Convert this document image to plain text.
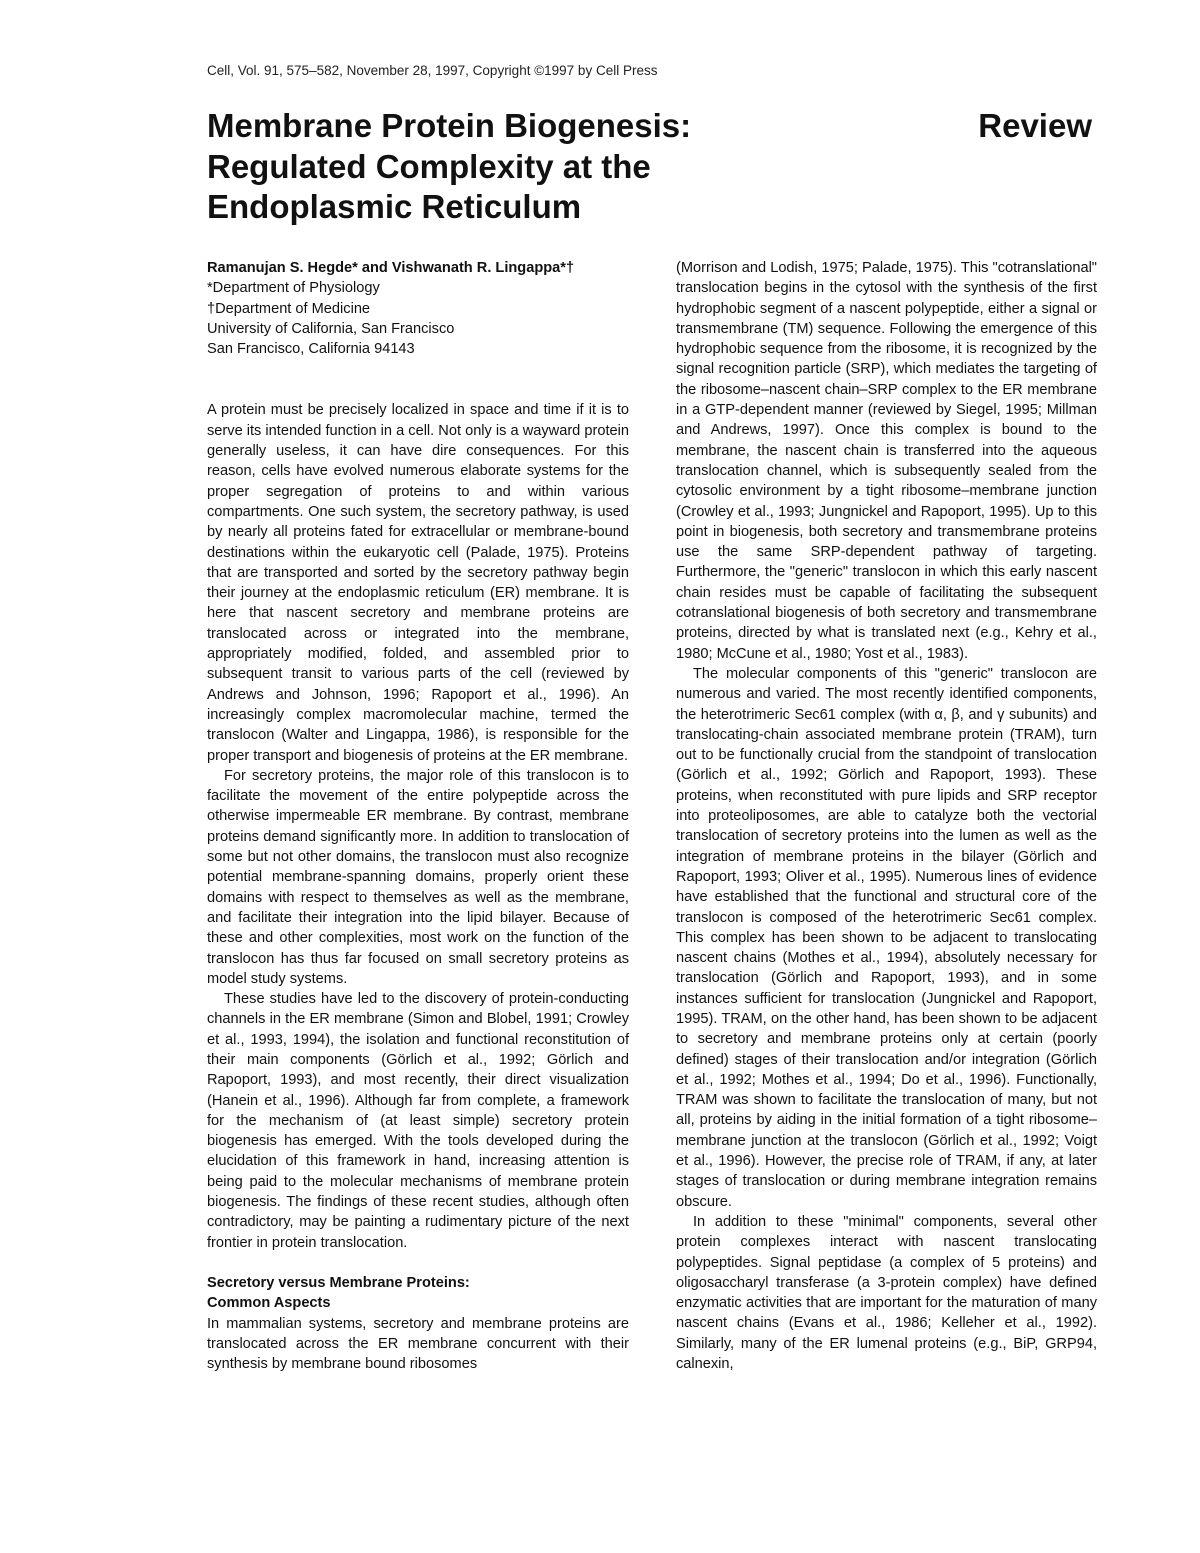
Cell, Vol. 91, 575–582, November 28, 1997, Copyright ©1997 by Cell Press
Membrane Protein Biogenesis:
Regulated Complexity at the
Endoplasmic Reticulum
Review
Ramanujan S. Hegde* and Vishwanath R. Lingappa*†
*Department of Physiology
†Department of Medicine
University of California, San Francisco
San Francisco, California 94143

A protein must be precisely localized in space and time if it is to serve its intended function in a cell. Not only is a wayward protein generally useless, it can have dire consequences. For this reason, cells have evolved numerous elaborate systems for the proper segregation of proteins to and within various compartments. One such system, the secretory pathway, is used by nearly all proteins fated for extracellular or membrane-bound destinations within the eukaryotic cell (Palade, 1975). Proteins that are transported and sorted by the secretory pathway begin their journey at the endoplasmic reticulum (ER) membrane. It is here that nascent secretory and membrane proteins are translocated across or integrated into the membrane, appropriately modified, folded, and assembled prior to subsequent transit to various parts of the cell (reviewed by Andrews and Johnson, 1996; Rapoport et al., 1996). An increasingly complex macromolecular machine, termed the translocon (Walter and Lingappa, 1986), is responsible for the proper transport and biogenesis of proteins at the ER membrane.

For secretory proteins, the major role of this translocon is to facilitate the movement of the entire polypeptide across the otherwise impermeable ER membrane. By contrast, membrane proteins demand significantly more. In addition to translocation of some but not other domains, the translocon must also recognize potential membrane-spanning domains, properly orient these domains with respect to themselves as well as the membrane, and facilitate their integration into the lipid bilayer. Because of these and other complexities, most work on the function of the translocon has thus far focused on small secretory proteins as model study systems.

These studies have led to the discovery of protein-conducting channels in the ER membrane (Simon and Blobel, 1991; Crowley et al., 1993, 1994), the isolation and functional reconstitution of their main components (Görlich et al., 1992; Görlich and Rapoport, 1993), and most recently, their direct visualization (Hanein et al., 1996). Although far from complete, a framework for the mechanism of (at least simple) secretory protein biogenesis has emerged. With the tools developed during the elucidation of this framework in hand, increasing attention is being paid to the molecular mechanisms of membrane protein biogenesis. The findings of these recent studies, although often contradictory, may be painting a rudimentary picture of the next frontier in protein translocation.

Secretory versus Membrane Proteins:
Common Aspects

In mammalian systems, secretory and membrane proteins are translocated across the ER membrane concurrent with their synthesis by membrane bound ribosomes

(Morrison and Lodish, 1975; Palade, 1975). This "cotranslational" translocation begins in the cytosol with the synthesis of the first hydrophobic segment of a nascent polypeptide, either a signal or transmembrane (TM) sequence. Following the emergence of this hydrophobic sequence from the ribosome, it is recognized by the signal recognition particle (SRP), which mediates the targeting of the ribosome–nascent chain–SRP complex to the ER membrane in a GTP-dependent manner (reviewed by Siegel, 1995; Millman and Andrews, 1997). Once this complex is bound to the membrane, the nascent chain is transferred into the aqueous translocation channel, which is subsequently sealed from the cytosolic environment by a tight ribosome–membrane junction (Crowley et al., 1993; Jungnickel and Rapoport, 1995). Up to this point in biogenesis, both secretory and transmembrane proteins use the same SRP-dependent pathway of targeting. Furthermore, the "generic" translocon in which this early nascent chain resides must be capable of facilitating the subsequent cotranslational biogenesis of both secretory and transmembrane proteins, directed by what is translated next (e.g., Kehry et al., 1980; McCune et al., 1980; Yost et al., 1983).

The molecular components of this "generic" translocon are numerous and varied. The most recently identified components, the heterotrimeric Sec61 complex (with α, β, and γ subunits) and translocating-chain associated membrane protein (TRAM), turn out to be functionally crucial from the standpoint of translocation (Görlich et al., 1992; Görlich and Rapoport, 1993). These proteins, when reconstituted with pure lipids and SRP receptor into proteoliposomes, are able to catalyze both the vectorial translocation of secretory proteins into the lumen as well as the integration of membrane proteins in the bilayer (Görlich and Rapoport, 1993; Oliver et al., 1995). Numerous lines of evidence have established that the functional and structural core of the translocon is composed of the heterotrimeric Sec61 complex. This complex has been shown to be adjacent to translocating nascent chains (Mothes et al., 1994), absolutely necessary for translocation (Görlich and Rapoport, 1993), and in some instances sufficient for translocation (Jungnickel and Rapoport, 1995). TRAM, on the other hand, has been shown to be adjacent to secretory and membrane proteins only at certain (poorly defined) stages of their translocation and/or integration (Görlich et al., 1992; Mothes et al., 1994; Do et al., 1996). Functionally, TRAM was shown to facilitate the translocation of many, but not all, proteins by aiding in the initial formation of a tight ribosome–membrane junction at the translocon (Görlich et al., 1992; Voigt et al., 1996). However, the precise role of TRAM, if any, at later stages of translocation or during membrane integration remains obscure.

In addition to these "minimal" components, several other protein complexes interact with nascent translocating polypeptides. Signal peptidase (a complex of 5 proteins) and oligosaccharyl transferase (a 3-protein complex) have defined enzymatic activities that are important for the maturation of many nascent chains (Evans et al., 1986; Kelleher et al., 1992). Similarly, many of the ER lumenal proteins (e.g., BiP, GRP94, calnexin,
